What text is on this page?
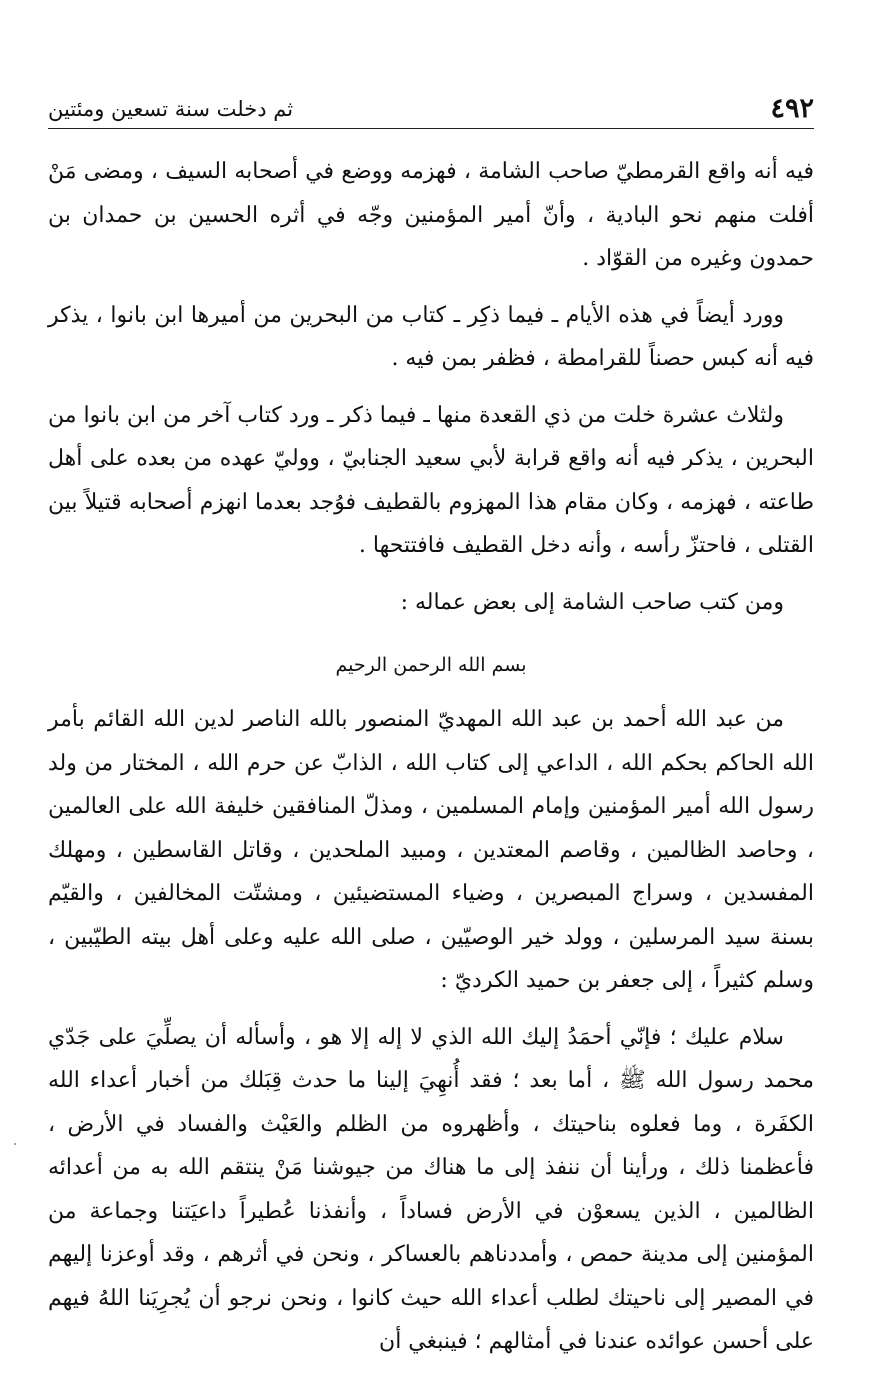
٤٩٢
ثم دخلت سنة تسعين ومئتين

فيه أنه واقع القرمطيّ صاحب الشامة ، فهزمه ووضع في أصحابه السيف ، ومضى مَنْ أفلت منهم نحو البادية ، وأنّ أمير المؤمنين وجّه في أثره الحسين بن حمدان بن حمدون وغيره من القوّاد .

وورد أيضاً في هذه الأيام ـ فيما ذكِر ـ كتاب من البحرين من أميرها ابن بانوا ، يذكر فيه أنه كبس حصناً للقرامطة ، فظفر بمن فيه .

ولثلاث عشرة خلت من ذي القعدة منها ـ فيما ذكر ـ ورد كتاب آخر من ابن بانوا من البحرين ، يذكر فيه أنه واقع قرابة لأبي سعيد الجنابيّ ، ووليّ عهده من بعده على أهل طاعته ، فهزمه ، وكان مقام هذا المهزوم بالقطيف فوُجد بعدما انهزم أصحابه قتيلاً بين القتلى ، فاحتزّ رأسه ، وأنه دخل القطيف فافتتحها .

ومن كتب صاحب الشامة إلى بعض عماله :

بسم الله الرحمن الرحيم

من عبد الله أحمد بن عبد الله المهديّ المنصور بالله الناصر لدين الله القائم بأمر الله الحاكم بحكم الله ، الداعي إلى كتاب الله ، الذابّ عن حرم الله ، المختار من ولد رسول الله أمير المؤمنين وإمام المسلمين ، ومذلّ المنافقين خليفة الله على العالمين ، وحاصد الظالمين ، وقاصم المعتدين ، ومبيد الملحدين ، وقاتل القاسطين ، ومهلك المفسدين ، وسراج المبصرين ، وضياء المستضيئين ، ومشتّت المخالفين ، والقيّم بسنة سيد المرسلين ، وولد خير الوصيّين ، صلى الله عليه وعلى أهل بيته الطيّبين ، وسلم كثيراً ، إلى جعفر بن حميد الكرديّ :

سلام عليك ؛ فإنّي أحمَدُ إليك الله الذي لا إله إلا هو ، وأسأله أن يصلِّيَ على جَدّي محمد رسول الله ﷺ ، أما بعد ؛ فقد أُنهِيَ إلينا ما حدث قِبَلك من أخبار أعداء الله الكفَرة ، وما فعلوه بناحيتك ، وأظهروه من الظلم والعَيْث والفساد في الأرض ، فأعظمنا ذلك ، ورأينا أن ننفذ إلى ما هناك من جيوشنا مَنْ ينتقم الله به من أعدائه الظالمين ، الذين يسعوْن في الأرض فساداً ، وأنفذنا عُطيراً داعيَتنا وجماعة من المؤمنين إلى مدينة حمص ، وأمددناهم بالعساكر ، ونحن في أثرهم ، وقد أوعزنا إليهم في المصير إلى ناحيتك لطلب أعداء الله حيث كانوا ، ونحن نرجو أن يُجرِيَنا اللهُ فيهم على أحسن عوائده عندنا في أمثالهم ؛ فينبغي أن
